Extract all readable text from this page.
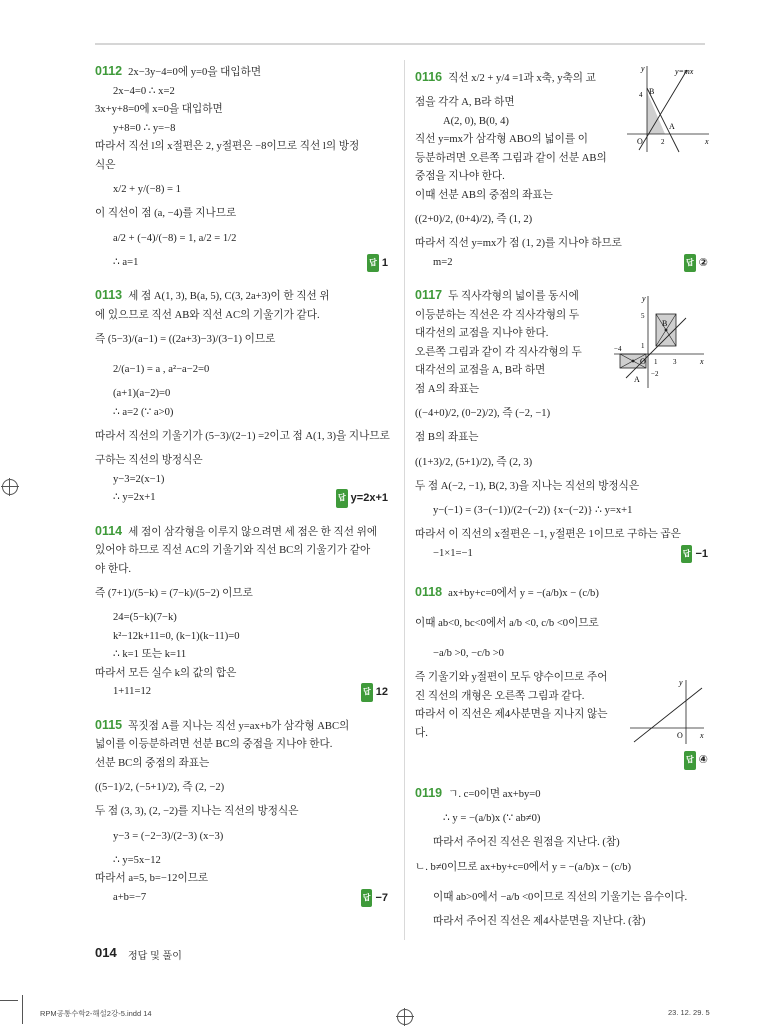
0112 2x−3y−4=0에 y=0을 대입하면
2x−4=0 ∴ x=2
3x+y+8=0에 x=0을 대입하면
y+8=0 ∴ y=−8
따라서 직선 l의 x절편은 2, y절편은 −8이므로 직선 l의 방정
식은
x/2 + y/(−8) = 1
이 직선이 점 (a, −4)를 지나므로
a/2 + (−4)/(−8) = 1, a/2 = 1/2
∴ a=1	답 1
0113 세 점 A(1, 3), B(a, 5), C(3, 2a+3)이 한 직선 위
에 있으므로 직선 AB와 직선 AC의 기울기가 같다.
즉 (5−3)/(a−1) = ((2a+3)−3)/(3−1) 이므로
2/(a−1) = a , a²−a−2=0
(a+1)(a−2)=0
∴ a=2 (∵ a>0)
따라서 직선의 기울기가 (5−3)/(2−1) =2이고 점 A(1, 3)을 지나므로
구하는 직선의 방정식은
y−3=2(x−1)
∴ y=2x+1	답 y=2x+1
0114 세 점이 삼각형을 이루지 않으려면 세 점은 한 직선 위에
있어야 하므로 직선 AC의 기울기와 직선 BC의 기울기가 같아
야 한다.
즉 (7+1)/(5−k) = (7−k)/(5−2) 이므로
24=(5−k)(7−k)
k²−12k+11=0, (k−1)(k−11)=0
∴ k=1 또는 k=11
따라서 모든 실수 k의 값의 합은
1+11=12	답 12
0115 꼭짓점 A를 지나는 직선 y=ax+b가 삼각형 ABC의
넓이를 이등분하려면 선분 BC의 중점을 지나야 한다.
선분 BC의 중점의 좌표는
((5−1)/2, (−5+1)/2), 즉 (2, −2)
두 점 (3, 3), (2, −2)를 지나는 직선의 방정식은
y−3 = (−2−3)/(2−3) (x−3)
∴ y=5x−12
따라서 a=5, b=−12이므로
a+b=−7	답 −7
0116 직선 x/2 + y/4 =1과 x축, y축의 교
점을 각각 A, B라 하면
A(2, 0), B(0, 4)
직선 y=mx가 삼각형 ABO의 넓이를 이
등분하려면 오른쪽 그림과 같이 선분 AB의
중점을 지나야 한다.
이때 선분 AB의 중점의 좌표는
((2+0)/2, (0+4)/2), 즉 (1, 2)
따라서 직선 y=mx가 점 (1, 2)를 지나야 하므로
m=2	답 ②
0117 두 직사각형의 넓이를 동시에
이등분하는 직선은 각 직사각형의 두
대각선의 교점을 지나야 한다.
오른쪽 그림과 같이 각 직사각형의 두
대각선의 교점을 A, B라 하면
점 A의 좌표는
((−4+0)/2, (0−2)/2), 즉 (−2, −1)
점 B의 좌표는
((1+3)/2, (5+1)/2), 즉 (2, 3)
두 점 A(−2, −1), B(2, 3)을 지나는 직선의 방정식은
y−(−1) = (3−(−1))/(2−(−2)) {x−(−2)} ∴ y=x+1
따라서 이 직선의 x절편은 −1, y절편은 1이므로 구하는 곱은
−1×1=−1	답 −1
0118 ax+by+c=0에서 y = −(a/b)x − (c/b)
이때 ab<0, bc<0에서 a/b <0, c/b <0이므로
−a/b >0, −c/b >0
즉 기울기와 y절편이 모두 양수이므로 주어
진 직선의 개형은 오른쪽 그림과 같다.
따라서 이 직선은 제4사분면을 지나지 않는
다.
답 ④
0119 ㄱ. c=0이면 ax+by=0
∴ y = −(a/b)x (∵ ab≠0)
따라서 주어진 직선은 원점을 지난다. (참)
ㄴ. b≠0이므로 ax+by+c=0에서 y = −(a/b)x − (c/b)
이때 ab>0에서 −a/b <0이므로 직선의 기울기는 음수이다.
따라서 주어진 직선은 제4사분면을 지난다. (참)
y	y=mx
B
4
A
O	2	x
y
5
B
1
−4
O 1 3	x
−2
A
y
O x
014 정답 및 풀이
RPM공통수학2-해설2강-5.indd 14	23. 12. 29. 5
